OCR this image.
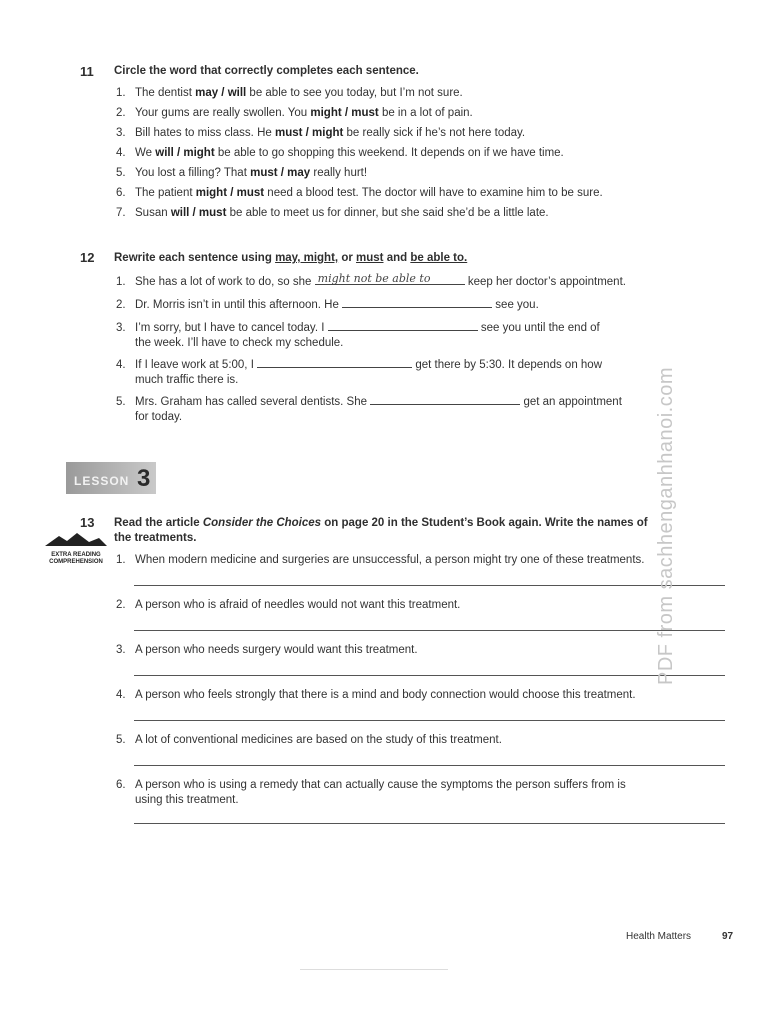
11 Circle the word that correctly completes each sentence.
1. The dentist may / will be able to see you today, but I’m not sure.
2. Your gums are really swollen. You might / must be in a lot of pain.
3. Bill hates to miss class. He must / might be really sick if he’s not here today.
4. We will / might be able to go shopping this weekend. It depends on if we have time.
5. You lost a filling? That must / may really hurt!
6. The patient might / must need a blood test. The doctor will have to examine him to be sure.
7. Susan will / must be able to meet us for dinner, but she said she’d be a little late.
12 Rewrite each sentence using may, might, or must and be able to.
1. She has a lot of work to do, so she might not be able to	keep her doctor’s appointment.
2. Dr. Morris isn’t in until this afternoon. He	see you.
3. I’m sorry, but I have to cancel today. I	see you until the end of
the week. I’ll have to check my schedule.
4. If I leave work at 5:00, I	get there by 5:30. It depends on how
much traffic there is.
5. Mrs. Graham has called several dentists. She	get an appointment
for today.
LESSON 3
13 Read the article Consider the Choices on page 20 in the Student’s Book again. Write the names of
the treatments.
EXTRA READING
COMPREHENSION	1. When modern medicine and surgeries are unsuccessful, a person might try one of these treatments.
2. A person who is afraid of needles would not want this treatment.
3. A person who needs surgery would want this treatment.
4. A person who feels strongly that there is a mind and body connection would choose this treatment.
5. A lot of conventional medicines are based on the study of this treatment.
6. A person who is using a remedy that can actually cause the symptoms the person suffers from is
using this treatment.
PDF from sachhenganhhanoi.com
Health Matters	97
